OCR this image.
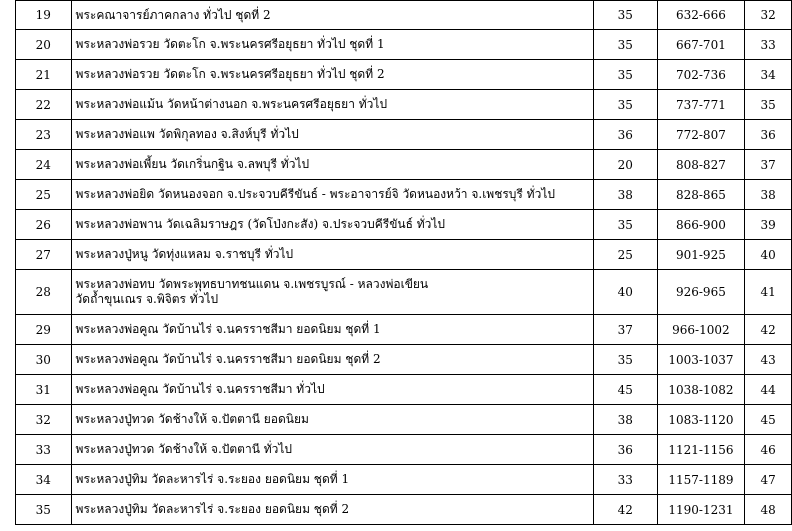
19	พระคณาจารย์ภาคกลาง ทั่วไป ชุดที่ 2	35	632-666	32
20	พระหลวงพ่อรวย วัดตะโก จ.พระนครศรีอยุธยา ทั่วไป ชุดที่ 1	35	667-701	33
21	พระหลวงพ่อรวย วัดตะโก จ.พระนครศรีอยุธยา ทั่วไป ชุดที่ 2	35	702-736	34
22	พระหลวงพ่อแม้น วัดหน้าต่างนอก จ.พระนครศรีอยุธยา ทั่วไป	35	737-771	35
23	พระหลวงพ่อแพ วัดพิกุลทอง จ.สิงห์บุรี ทั่วไป	36	772-807	36
24	พระหลวงพ่อเพี้ยน วัดเกริ่นกฐิน จ.ลพบุรี ทั่วไป	20	808-827	37
25	พระหลวงพ่อยิด วัดหนองจอก จ.ประจวบคีรีขันธ์ - พระอาจารย์จิ วัดหนองหว้า จ.เพชรบุรี ทั่วไป	38	828-865	38
26	พระหลวงพ่อพาน วัดเฉลิมราษฎร (วัดโป่งกะสัง) จ.ประจวบคีรีขันธ์ ทั่วไป	35	866-900	39
27	พระหลวงปู่หนู วัดทุ่งแหลม จ.ราชบุรี ทั่วไป	25	901-925	40
28	พระหลวงพ่อทบ วัดพระพุทธบาทชนแดน จ.เพชรบูรณ์ - หลวงพ่อเขียน วัดถ้ำขุนเณร จ.พิจิตร ทั่วไป	40	926-965	41
29	พระหลวงพ่อคูณ วัดบ้านไร่ จ.นครราชสีมา ยอดนิยม ชุดที่ 1	37	966-1002	42
30	พระหลวงพ่อคูณ วัดบ้านไร่ จ.นครราชสีมา ยอดนิยม ชุดที่ 2	35	1003-1037	43
31	พระหลวงพ่อคูณ วัดบ้านไร่ จ.นครราชสีมา ทั่วไป	45	1038-1082	44
32	พระหลวงปู่ทวด วัดช้างให้ จ.ปัตตานี ยอดนิยม	38	1083-1120	45
33	พระหลวงปู่ทวด วัดช้างให้ จ.ปัตตานี ทั่วไป	36	1121-1156	46
34	พระหลวงปู่ทิม วัดละหารไร่ จ.ระยอง ยอดนิยม ชุดที่ 1	33	1157-1189	47
35	พระหลวงปู่ทิม วัดละหารไร่ จ.ระยอง ยอดนิยม ชุดที่ 2	42	1190-1231	48
